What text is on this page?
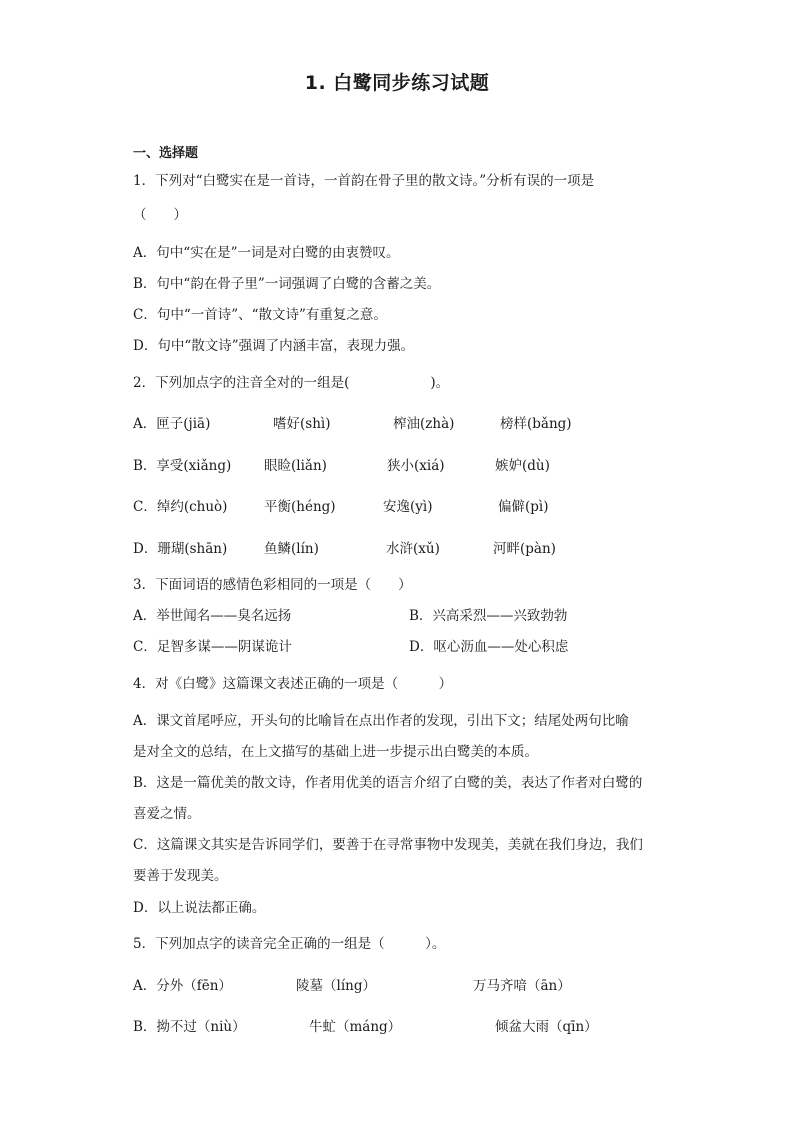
1. 白鹭同步练习试题
一、选择题
1．下列对“白鹭实在是一首诗，一首韵在骨子里的散文诗。”分析有误的一项是
（　　）
A．句中“实在是”一词是对白鹭的由衷赞叹。
B．句中“韵在骨子里”一词强调了白鹭的含蓄之美。
C．句中“一首诗”、“散文诗”有重复之意。
D．句中“散文诗”强调了内涵丰富，表现力强。
2．下列加点字的注音全对的一组是(　　　　　　)。
A．匣子(jiā)	嗜好(shì)	榨油(zhà)	榜样(bǎng)
B．享受(xiǎng) 眼睑(liǎn)	狭小(xiá)	嫉妒(dù)
C．绰约(chuò)	平衡(héng)	安逸(yì)	偏僻(pì)
D．珊瑚(shān)	鱼鳞(lín)	水浒(xǔ)	河畔(pàn)
3．下面词语的感情色彩相同的一项是（　　）
A．举世闻名——臭名远扬	B．兴高采烈——兴致勃勃
C．足智多谋——阴谋诡计	D．呕心沥血——处心积虑
4．对《白鹭》这篇课文表述正确的一项是（　　　）
A．课文首尾呼应，开头句的比喻旨在点出作者的发现，引出下文；结尾处两句比喻
是对全文的总结，在上文描写的基础上进一步提示出白鹭美的本质。
B．这是一篇优美的散文诗，作者用优美的语言介绍了白鹭的美，表达了作者对白鹭的
喜爱之情。
C．这篇课文其实是告诉同学们，要善于在寻常事物中发现美，美就在我们身边，我们
要善于发现美。
D．以上说法都正确。
5．下列加点字的读音完全正确的一组是（　　　）。
A．分外（fēn）	陵墓（líng）	万马齐喑（ān）
B．拗不过（niù）	牛虻（máng）	倾盆大雨（qīn）
